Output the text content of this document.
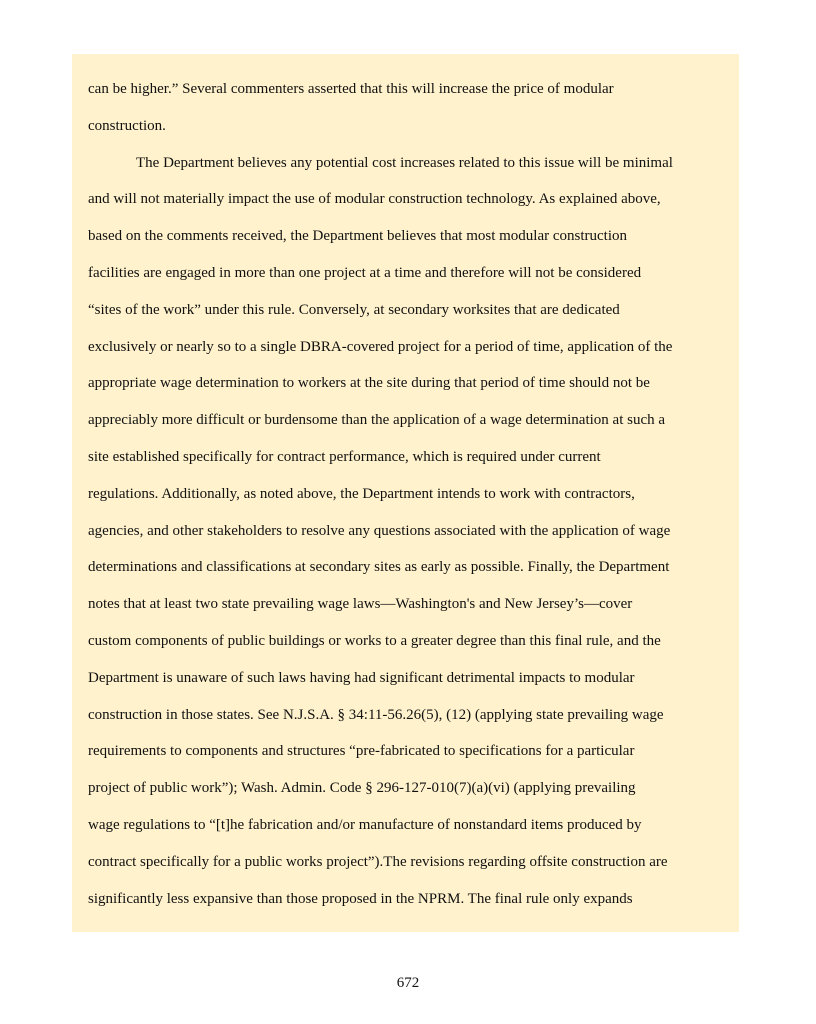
can be higher.” Several commenters asserted that this will increase the price of modular
construction.
The Department believes any potential cost increases related to this issue will be minimal
and will not materially impact the use of modular construction technology. As explained above,
based on the comments received, the Department believes that most modular construction
facilities are engaged in more than one project at a time and therefore will not be considered
“sites of the work” under this rule. Conversely, at secondary worksites that are dedicated
exclusively or nearly so to a single DBRA-covered project for a period of time, application of the
appropriate wage determination to workers at the site during that period of time should not be
appreciably more difficult or burdensome than the application of a wage determination at such a
site established specifically for contract performance, which is required under current
regulations. Additionally, as noted above, the Department intends to work with contractors,
agencies, and other stakeholders to resolve any questions associated with the application of wage
determinations and classifications at secondary sites as early as possible. Finally, the Department
notes that at least two state prevailing wage laws—Washington's and New Jersey’s—cover
custom components of public buildings or works to a greater degree than this final rule, and the
Department is unaware of such laws having had significant detrimental impacts to modular
construction in those states. See N.J.S.A. § 34:11-56.26(5), (12) (applying state prevailing wage
requirements to components and structures “pre-fabricated to specifications for a particular
project of public work”); Wash. Admin. Code § 296-127-010(7)(a)(vi) (applying prevailing
wage regulations to “[t]he fabrication and/or manufacture of nonstandard items produced by
contract specifically for a public works project”).The revisions regarding offsite construction are
significantly less expansive than those proposed in the NPRM. The final rule only expands
672
